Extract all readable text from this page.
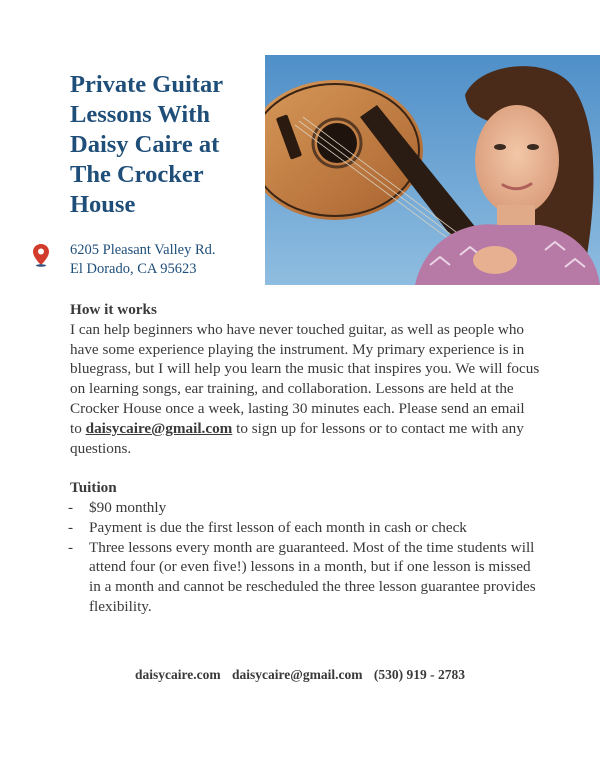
Private Guitar Lessons With Daisy Caire at The Crocker House
6205 Pleasant Valley Rd.
El Dorado, CA 95623
How it works
I can help beginners who have never touched guitar, as well as people who have some experience playing the instrument. My primary experience is in bluegrass, but I will help you learn the music that inspires you. We will focus on learning songs, ear training, and collaboration. Lessons are held at the Crocker House once a week, lasting 30 minutes each. Please send an email to daisycaire@gmail.com to sign up for lessons or to contact me with any questions.
Tuition
- $90 monthly
- Payment is due the first lesson of each month in cash or check
- Three lessons every month are guaranteed. Most of the time students will attend four (or even five!) lessons in a month, but if one lesson is missed in a month and cannot be rescheduled the three lesson guarantee provides flexibility.
daisycaire.com daisycaire@gmail.com (530) 919 - 2783
